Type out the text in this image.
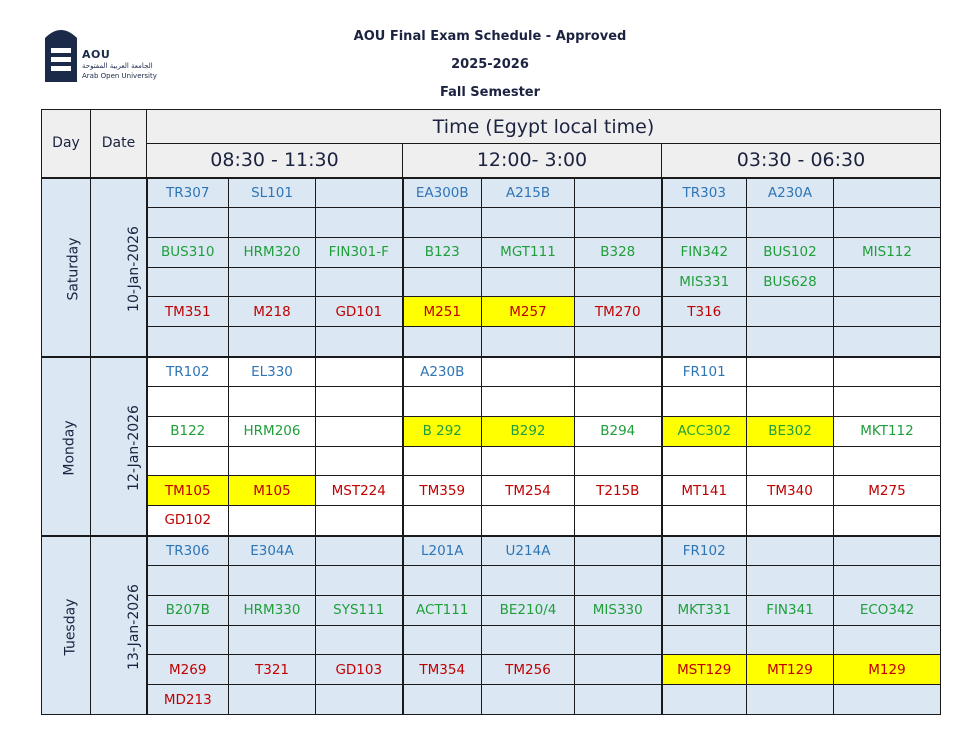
AOU
الجامعة العربية المفتوحة
Arab Open University
AOU Final Exam Schedule - Approved
2025-2026
Fall Semester
Day	Date	Time (Egypt local time)								
		08:30 - 11:30			12:00- 3:00			03:30 - 06:30		
Saturday	10-Jan-2026	TR307	SL101		EA300B	A215B		TR303	A230A	

		BUS310	HRM320	FIN301-F	B123	MGT111	B328	FIN342	BUS102	MIS112
								MIS331	BUS628	
		TM351	M218	GD101	M251	M257	TM270	T316		

Monday	12-Jan-2026	TR102	EL330		A230B			FR101		

		B122	HRM206		B 292	B292	B294	ACC302	BE302	MKT112

		TM105	M105	MST224	TM359	TM254	T215B	MT141	TM340	M275
		GD102								
Tuesday	13-Jan-2026	TR306	E304A		L201A	U214A		FR102		

		B207B	HRM330	SYS111	ACT111	BE210/4	MIS330	MKT331	FIN341	ECO342

		M269	T321	GD103	TM354	TM256		MST129	MT129	M129
		MD213								
